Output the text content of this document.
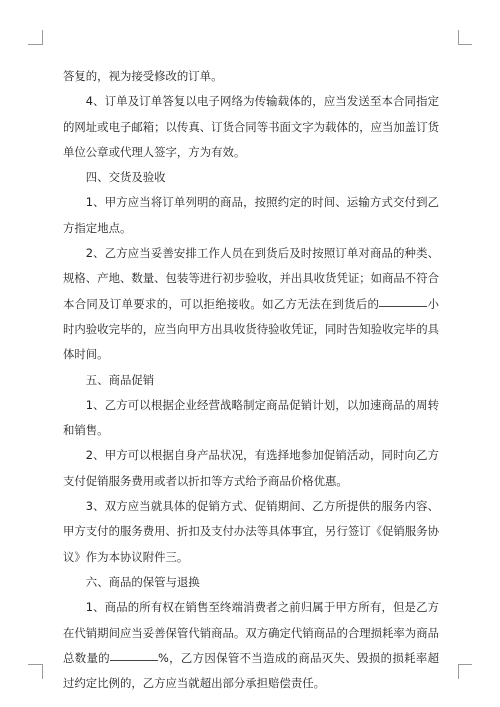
答复的，视为接受修改的订单。

4、订单及订单答复以电子网络为传输载体的，应当发送至本合同指定的网址或电子邮箱；以传真、订货合同等书面文字为载体的，应当加盖订货单位公章或代理人签字，方为有效。

四、交货及验收

1、甲方应当将订单列明的商品，按照约定的时间、运输方式交付到乙方指定地点。

2、乙方应当妥善安排工作人员在到货后及时按照订单对商品的种类、规格、产地、数量、包装等进行初步验收，并出具收货凭证；如商品不符合本合同及订单要求的，可以拒绝接收。如乙方无法在到货后的	小时内验收完毕的，应当向甲方出具收货待验收凭证，同时告知验收完毕的具体时间。

五、商品促销

1、乙方可以根据企业经营战略制定商品促销计划，以加速商品的周转和销售。

2、甲方可以根据自身产品状况，有选择地参加促销活动，同时向乙方支付促销服务费用或者以折扣等方式给予商品价格优惠。

3、双方应当就具体的促销方式、促销期间、乙方所提供的服务内容、甲方支付的服务费用、折扣及支付办法等具体事宜，另行签订《促销服务协议》作为本协议附件三。

六、商品的保管与退换

1、商品的所有权在销售至终端消费者之前归属于甲方所有，但是乙方在代销期间应当妥善保管代销商品。双方确定代销商品的合理损耗率为商品总数量的	%，乙方因保管不当造成的商品灭失、毁损的损耗率超过约定比例的，乙方应当就超出部分承担赔偿责任。
